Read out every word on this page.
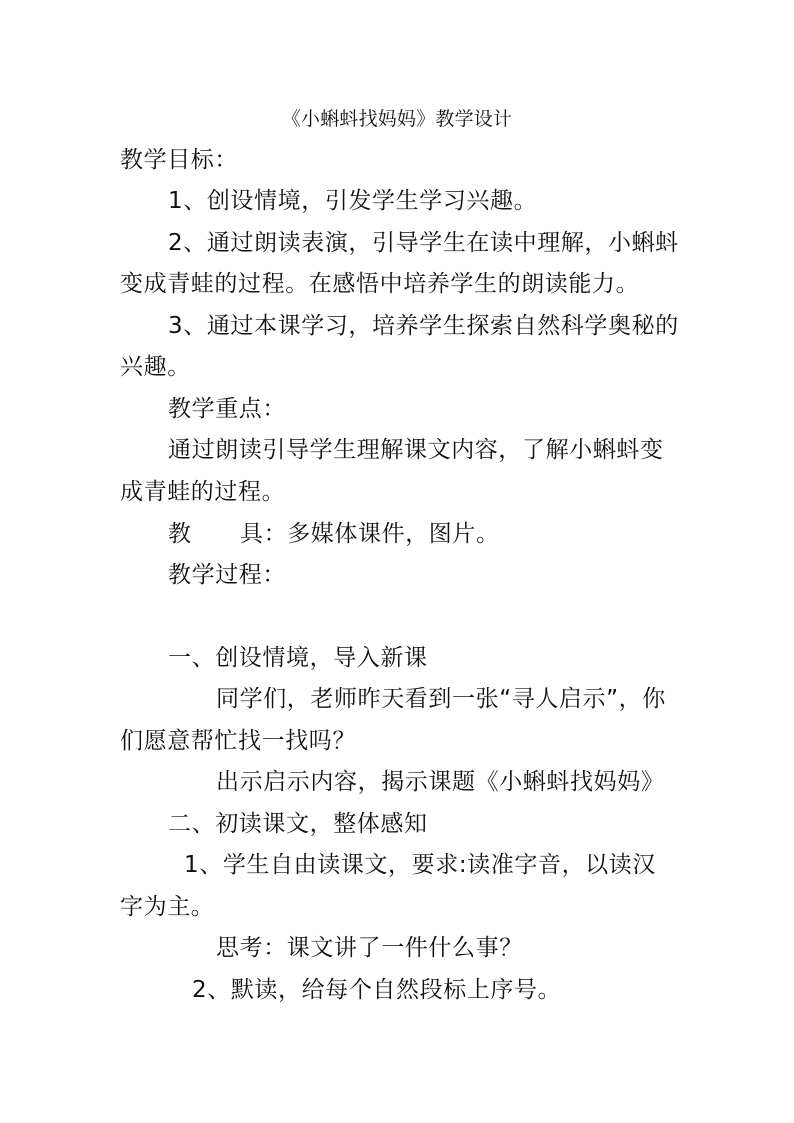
《小蝌蚪找妈妈》教学设计
教学目标：
1、创设情境，引发学生学习兴趣。
2、通过朗读表演，引导学生在读中理解，小蝌蚪
变成青蛙的过程。在感悟中培养学生的朗读能力。
3、通过本课学习，培养学生探索自然科学奥秘的
兴趣。
教学重点：
通过朗读引导学生理解课文内容，了解小蝌蚪变
成青蛙的过程。
教 具：多媒体课件，图片。
教学过程：
一、创设情境，导入新课
同学们，老师昨天看到一张“寻人启示”，你
们愿意帮忙找一找吗？
出示启示内容，揭示课题《小蝌蚪找妈妈》
二、初读课文，整体感知
1、学生自由读课文，要求:读准字音，以读汉
字为主。
思考：课文讲了一件什么事？
2、默读，给每个自然段标上序号。
